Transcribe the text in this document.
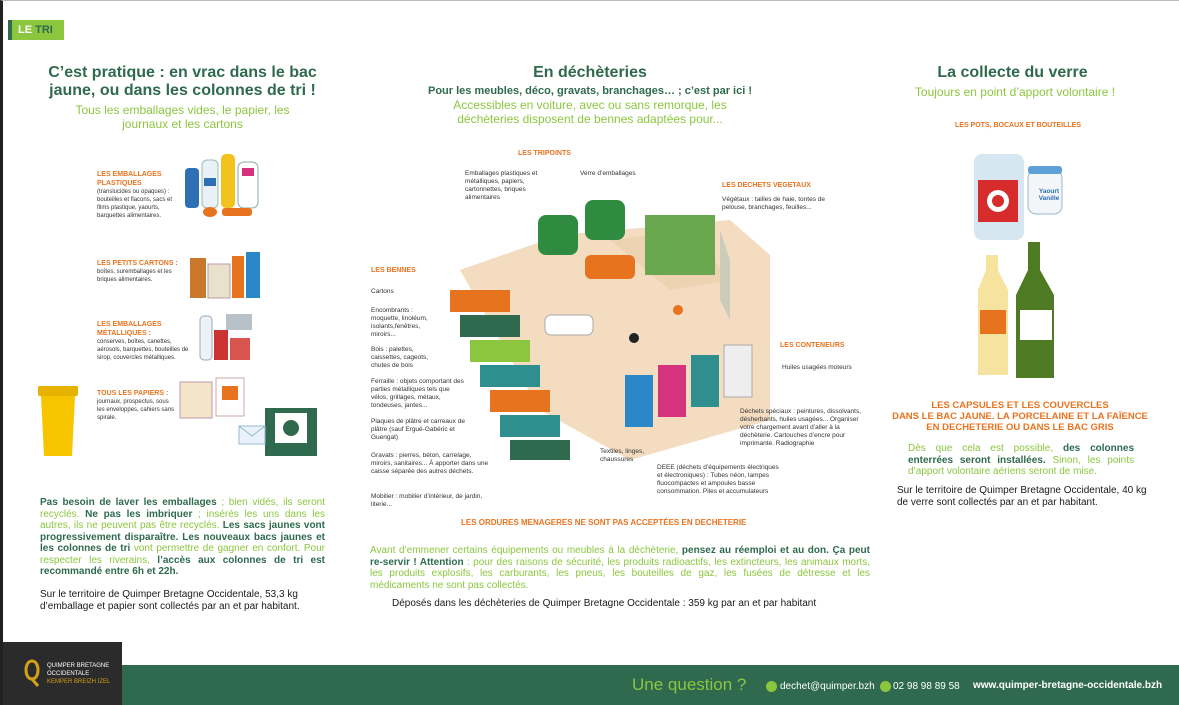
LE TRI
C’est pratique : en vrac dans le bac jaune, ou dans les colonnes de tri !
Tous les emballages vides, le papier, les journaux et les cartons
LES EMBALLAGES PLASTIQUES
(translucides ou opaques) : bouteilles et flacons, sacs et films plastique, yaourts, barquettes alimentaires.
LES PETITS CARTONS :
boîtes, suremballages et les briques alimentaires.
LES EMBALLAGES MÉTALLIQUES :
conserves, boîtes, canettes, aérosols, barquettes, bouteilles de sirop, couvercles métalliques.
TOUS LES PAPIERS :
journaux, prospectus, sous les enveloppes, cahiers sans spirale.
Pas besoin de laver les emballages ; bien vidés, ils seront recyclés. Ne pas les imbriquer ; insérés les uns dans les autres, ils ne peuvent pas être recyclés. Les sacs jaunes vont progressivement disparaître. Les nouveaux bacs jaunes et les colonnes de tri vont permettre de gagner en confort. Pour respecter les riverains, l’accès aux colonnes de tri est recommandé entre 6h et 22h.
Sur le territoire de Quimper Bretagne Occidentale, 53,3 kg d’emballage et papier sont collectés par an et par habitant.
En déchèteries
Pour les meubles, déco, gravats, branchages… ; c’est par ici !
Accessibles en voiture, avec ou sans remorque, les déchèteries disposent de bennes adaptées pour...
LES TRIPOINTS
Emballages plastiques et métalliques, papiers, cartonnettes, briques alimentaires
Verre d’emballages
LES DECHETS VEGETAUX
Végétaux : tailles de haie, tontes de pelouse, branchages, feuilles...
LES BENNES
Cartons
Encombrants : moquette, linoléum, isolants,fenêtres, miroirs...
Bois : palettes, caissettes, cageots, chutes de bois
Ferraille : objets comportant des parties métalliques tels que vélos, grillages, métaux, tondeuses, jantes...
Plaques de plâtre et carreaux de plâtre (sauf Ergué-Gabéric et Guengat)
Gravats : pierres, béton, carrelage, miroirs, sanitaires... À apporter dans une caisse séparée des autres déchets.
Mobilier : mobilier d’intérieur, de jardin, literie...
LES CONTENEURS
Huiles usagées moteurs
Déchets spéciaux : peintures, dissolvants, désherbants, huiles usagées... Organiser votre chargement avant d’aller à la déchèterie. Cartouches d’encre pour imprimante. Radiographie
Textiles, linges, chaussures
DEEE (déchets d’équipements électriques et électroniques) : Tubes néon, lampes fluocompactes et ampoules basse consommation. Piles et accumulateurs
LES ORDURES MENAGERES NE SONT PAS ACCEPTÉES EN DECHETERIE
Avant d’emmener certains équipements ou meubles à la déchèterie, pensez au réemploi et au don. Ça peut re-servir ! Attention : pour des raisons de sécurité, les produits radioactifs, les extincteurs, les animaux morts, les produits explosifs, les carburants, les pneus, les bouteilles de gaz, les fusées de détresse et les médicaments ne sont pas collectés.
Déposés dans les déchèteries de Quimper Bretagne Occidentale : 359 kg par an et par habitant
La collecte du verre
Toujours en point d’apport volontaire !
LES POTS, BOCAUX ET BOUTEILLES
Yaourt Vanille
LES CAPSULES ET LES COUVERCLES
DANS LE BAC JAUNE. LA PORCELAINE ET LA FAÏENCE
EN DECHETERIE OU DANS LE BAC GRIS
Dès que cela est possible, des colonnes enterrées seront installées. Sinon, les points d’apport volontaire aériens seront de mise.
Sur le territoire de Quimper Bretagne Occidentale, 40 kg de verre sont collectés par an et par habitant.
QUIMPER BRETAGNE
OCCIDENTALE
KEMPER BREIZH IZEL	Une question ?	dechet@quimper.bzh 02 98 98 89 58 www.quimper-bretagne-occidentale.bzh
